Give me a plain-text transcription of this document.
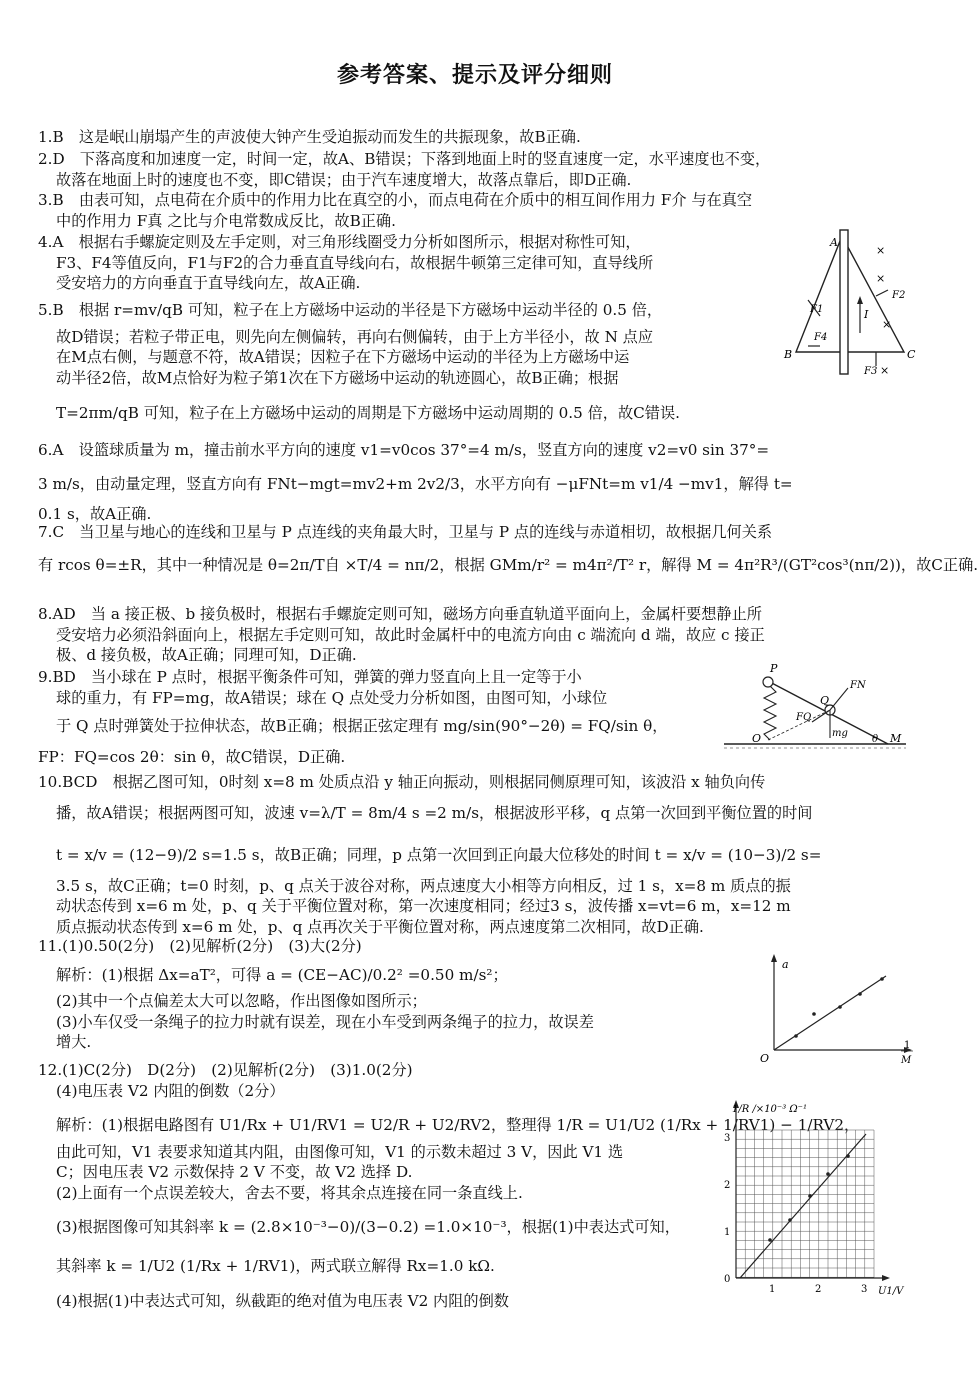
参考答案、提示及评分细则
1.B　这是岷山崩塌产生的声波使大钟产生受迫振动而发生的共振现象，故B正确.
2.D　下落高度和加速度一定，时间一定，故A、B错误；下落到地面上时的竖直速度一定，水平速度也不变，
故落在地面上时的速度也不变，即C错误；由于汽车速度增大，故落点靠后，即D正确.
3.B　由表可知，点电荷在介质中的作用力比在真空的小，而点电荷在介质中的相互间作用力 F介 与在真空
中的作用力 F真 之比与介电常数成反比，故B正确.
4.A　根据右手螺旋定则及左手定则，对三角形线圈受力分析如图所示，根据对称性可知，
F3、F4等值反向，F1与F2的合力垂直直导线向右，故根据牛顿第三定律可知，直导线所
受安培力的方向垂直于直导线向左，故A正确.
5.B　根据 r=mv/qB 可知，粒子在上方磁场中运动的半径是下方磁场中运动半径的 0.5 倍，
故D错误；若粒子带正电，则先向左侧偏转，再向右侧偏转，由于上方半径小，故 N 点应
在M点右侧，与题意不符，故A错误；因粒子在下方磁场中运动的半径为上方磁场中运
动半径2倍，故M点恰好为粒子第1次在下方磁场中运动的轨迹圆心，故B正确；根据
T=2πm/qB 可知，粒子在上方磁场中运动的周期是下方磁场中运动周期的 0.5 倍，故C错误.
6.A　设篮球质量为 m，撞击前水平方向的速度 v1=v0cos 37°=4 m/s，竖直方向的速度 v2=v0 sin 37°=
3 m/s，由动量定理，竖直方向有 FNt−mgt=mv2+m 2v2/3，水平方向有 −μFNt=m v1/4 −mv1，解得 t=
0.1 s，故A正确.
7.C　当卫星与地心的连线和卫星与 P 点连线的夹角最大时，卫星与 P 点的连线与赤道相切，故根据几何关系
有 rcos θ=±R，其中一种情况是 θ=2π/T自 ×T/4 = nπ/2，根据 GMm/r² = m4π²/T² r，解得 M = 4π²R³/(GT²cos³(nπ/2))，故C正确.
8.AD　当 a 接正极、b 接负极时，根据右手螺旋定则可知，磁场方向垂直轨道平面向上，金属杆要想静止所
受安培力必须沿斜面向上，根据左手定则可知，故此时金属杆中的电流方向由 c 端流向 d 端，故应 c 接正
极、d 接负极，故A正确；同理可知，D正确.
9.BD　当小球在 P 点时，根据平衡条件可知，弹簧的弹力竖直向上且一定等于小
球的重力，有 FP=mg，故A错误；球在 Q 点处受力分析如图，由图可知，小球位
于 Q 点时弹簧处于拉伸状态，故B正确；根据正弦定理有 mg/sin(90°−2θ) = FQ/sin θ，
FP：FQ=cos 2θ：sin θ，故C错误，D正确.
10.BCD　根据乙图可知，0时刻 x=8 m 处质点沿 y 轴正向振动，则根据同侧原理可知，该波沿 x 轴负向传
播，故A错误；根据两图可知，波速 v=λ/T = 8m/4 s =2 m/s，根据波形平移，q 点第一次回到平衡位置的时间
t = x/v = (12−9)/2 s=1.5 s，故B正确；同理，p 点第一次回到正向最大位移处的时间 t = x/v = (10−3)/2 s=
3.5 s，故C正确；t=0 时刻，p、q 点关于波谷对称，两点速度大小相等方向相反，过 1 s，x=8 m 质点的振
动状态传到 x=6 m 处，p、q 关于平衡位置对称，第一次速度相同；经过3 s，波传播 x=vt=6 m，x=12 m
质点振动状态传到 x=6 m 处，p、q 点再次关于平衡位置对称，两点速度第二次相同，故D正确.
11.(1)0.50(2分)　(2)见解析(2分)　(3)大(2分)
解析：(1)根据 Δx=aT²，可得 a = (CE−AC)/0.2² =0.50 m/s²；
(2)其中一个点偏差太大可以忽略，作出图像如图所示；
(3)小车仅受一条绳子的拉力时就有误差，现在小车受到两条绳子的拉力，故误差
增大.
12.(1)C(2分)　D(2分)　(2)见解析(2分)　(3)1.0(2分)
(4)电压表 V2 内阻的倒数（2分）
解析：(1)根据电路图有 U1/Rx + U1/RV1 = U2/R + U2/RV2，整理得 1/R = U1/U2 (1/Rx + 1/RV1) − 1/RV2，
由此可知，V1 表要求知道其内阻，由图像可知，V1 的示数未超过 3 V，因此 V1 选
C；因电压表 V2 示数保持 2 V 不变，故 V2 选择 D.
(2)上面有一个点误差较大，舍去不要，将其余点连接在同一条直线上.
(3)根据图像可知其斜率 k = (2.8×10⁻³−0)/(3−0.2) =1.0×10⁻³，根据(1)中表达式可知，
其斜率 k = 1/U2 (1/Rx + 1/RV1)，两式联立解得 Rx=1.0 kΩ.
(4)根据(1)中表达式可知，纵截距的绝对值为电压表 V2 内阻的倒数
A
B	C
I
F1
F2
F3
F4
×
×
×
×
P
Q
O	M
FN
FQ
mg
θ
a
O
1
M
1/R /×10⁻³ Ω⁻¹
3
2
1
0
1	2	3 U1/V
